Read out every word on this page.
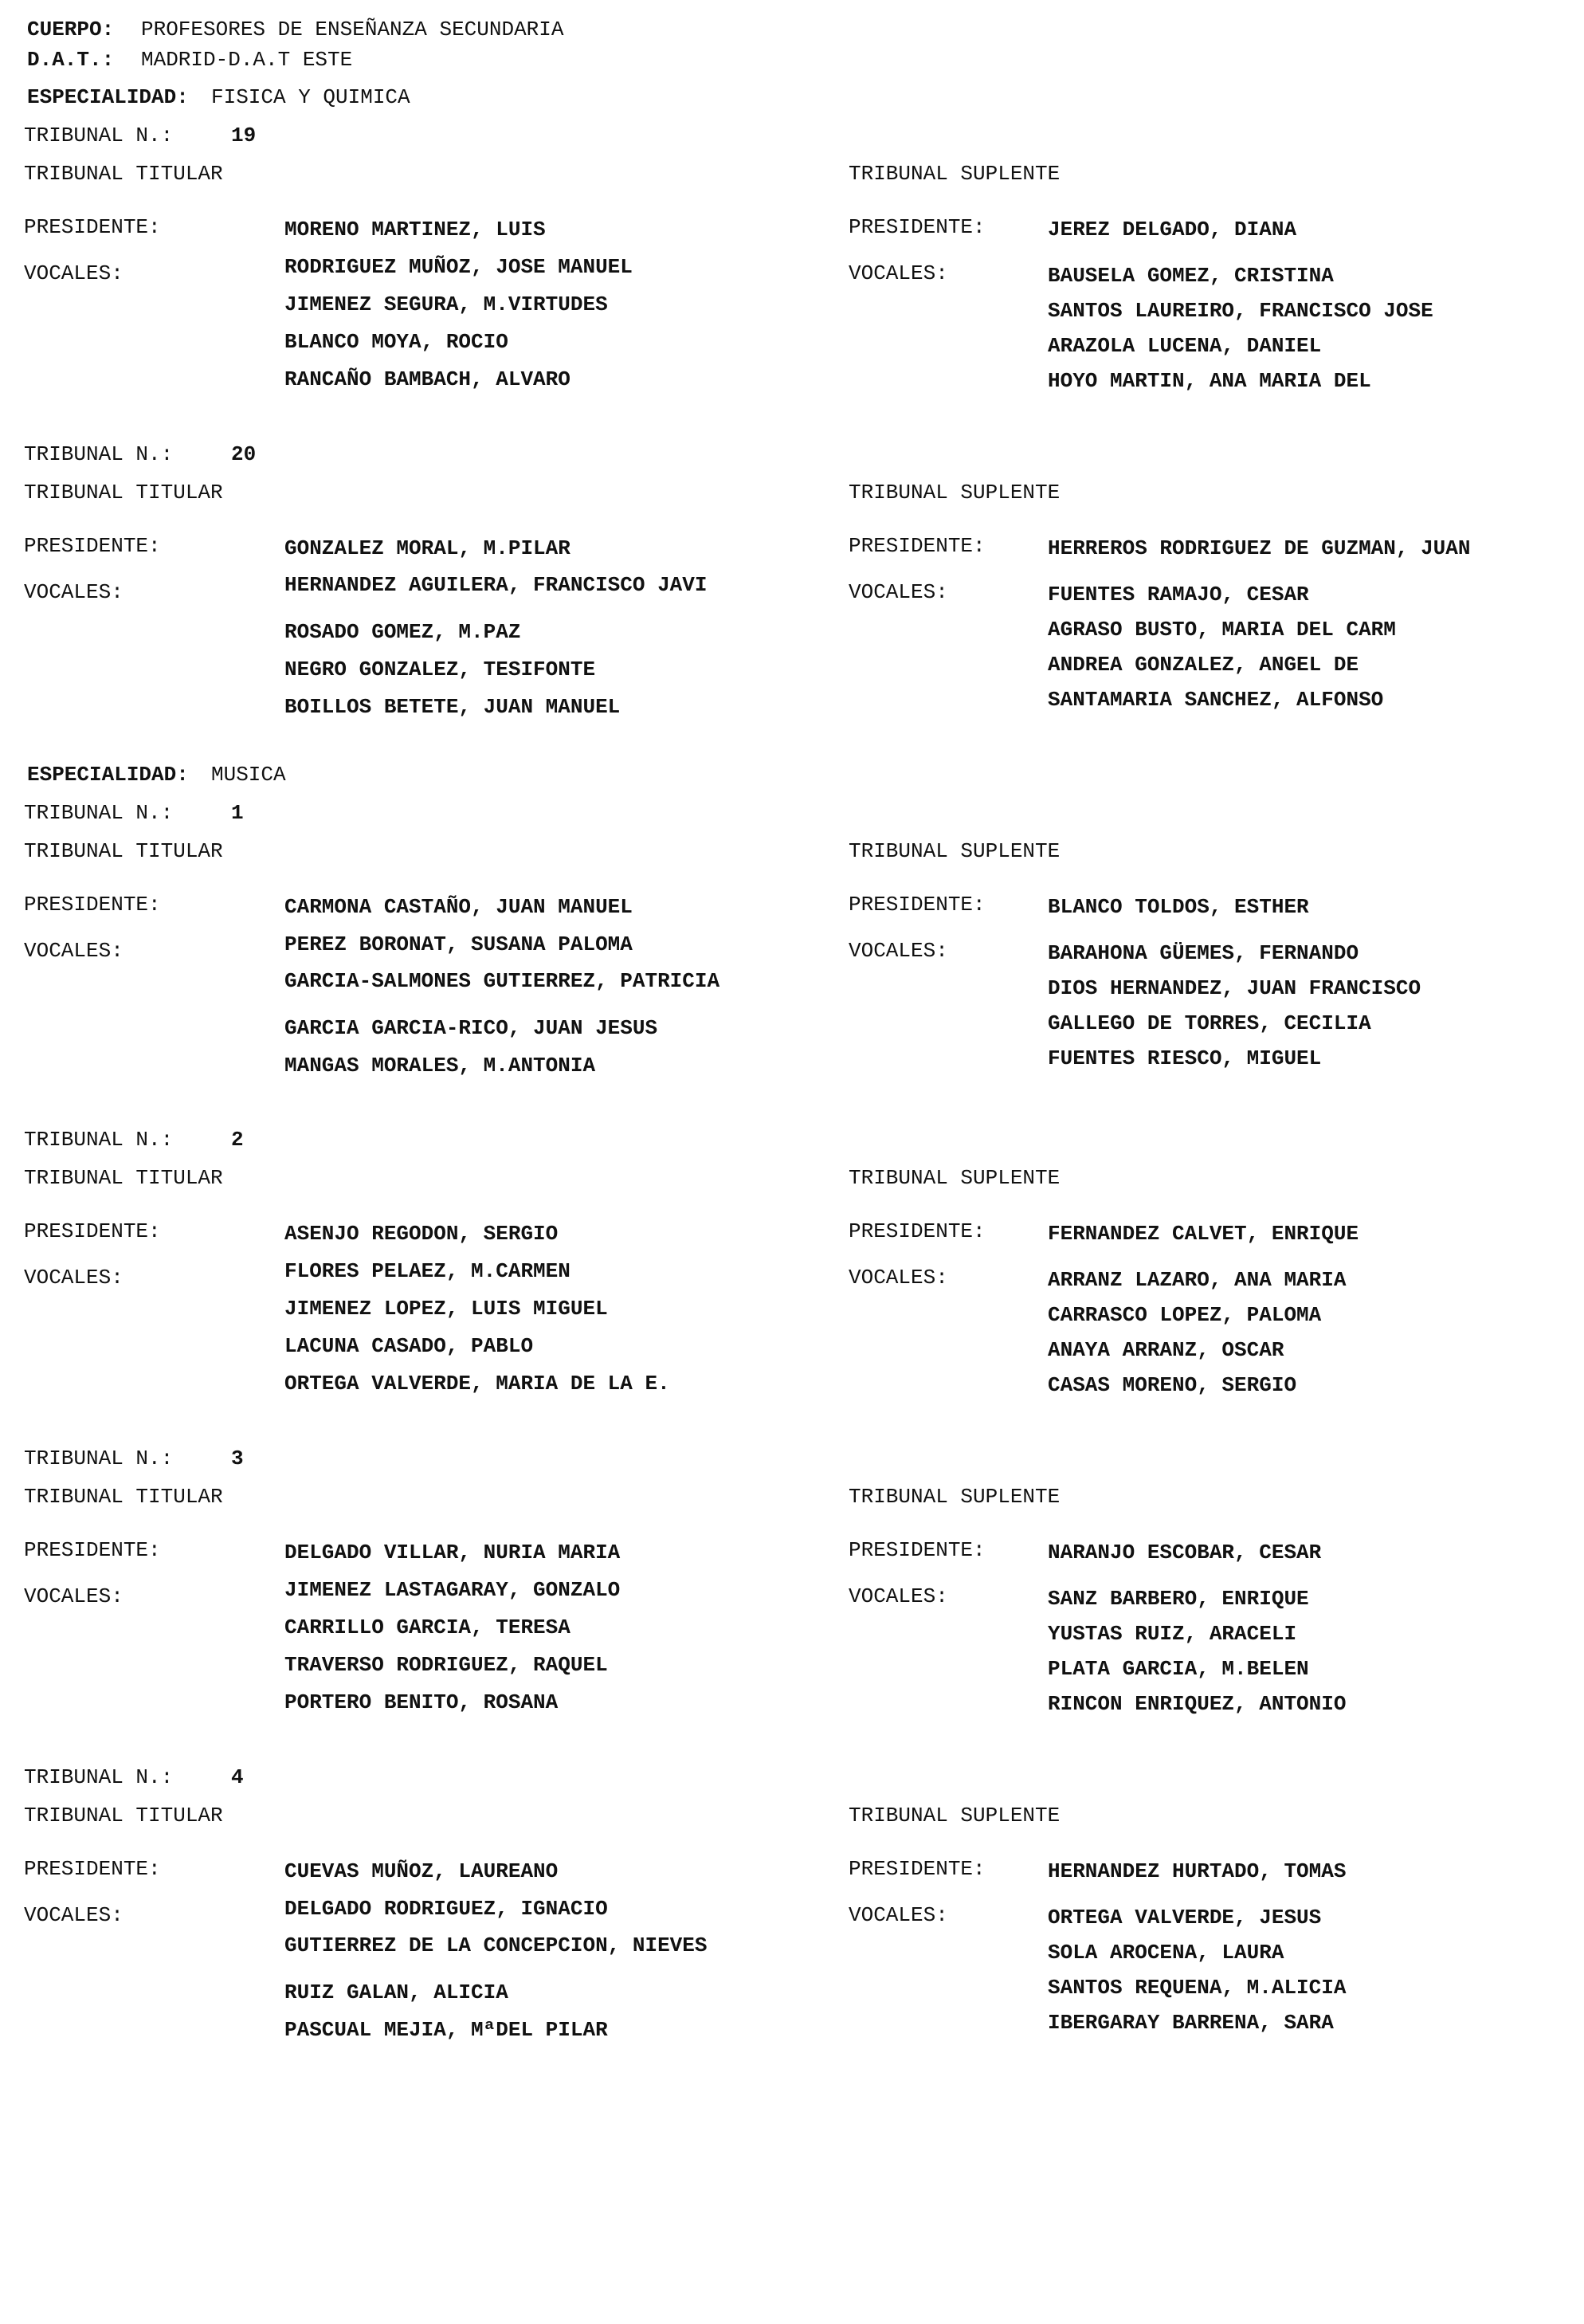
CUERPO: PROFESORES DE ENSEÑANZA SECUNDARIA
D.A.T.: MADRID-D.A.T ESTE
ESPECIALIDAD: FISICA Y QUIMICA
TRIBUNAL N.:	19
TRIBUNAL TITULAR	TRIBUNAL SUPLENTE
PRESIDENTE:	MORENO MARTINEZ, LUIS
VOCALES:	RODRIGUEZ MUÑOZ, JOSE MANUEL
JIMENEZ SEGURA, M.VIRTUDES
BLANCO MOYA, ROCIO
RANCAÑO BAMBACH, ALVARO
PRESIDENTE:	JEREZ DELGADO, DIANA
VOCALES:	BAUSELA GOMEZ, CRISTINA
SANTOS LAUREIRO, FRANCISCO JOSE
ARAZOLA LUCENA, DANIEL
HOYO MARTIN, ANA MARIA DEL
TRIBUNAL N.:	20
TRIBUNAL TITULAR	TRIBUNAL SUPLENTE
PRESIDENTE:	GONZALEZ MORAL, M.PILAR
VOCALES:	HERNANDEZ AGUILERA, FRANCISCO JAVI
ROSADO GOMEZ, M.PAZ
NEGRO GONZALEZ, TESIFONTE
BOILLOS BETETE, JUAN MANUEL
PRESIDENTE:	HERREROS RODRIGUEZ DE GUZMAN, JUAN
VOCALES:	FUENTES RAMAJO, CESAR
AGRASO BUSTO, MARIA DEL CARM
ANDREA GONZALEZ, ANGEL DE
SANTAMARIA SANCHEZ, ALFONSO
ESPECIALIDAD: MUSICA
TRIBUNAL N.:	1
TRIBUNAL TITULAR	TRIBUNAL SUPLENTE
PRESIDENTE:	CARMONA CASTAÑO, JUAN MANUEL
VOCALES:	PEREZ BORONAT, SUSANA PALOMA
GARCIA-SALMONES GUTIERREZ, PATRICIA
GARCIA GARCIA-RICO, JUAN JESUS
MANGAS MORALES, M.ANTONIA
PRESIDENTE:	BLANCO TOLDOS, ESTHER
VOCALES:	BARAHONA GÜEMES, FERNANDO
DIOS HERNANDEZ, JUAN FRANCISCO
GALLEGO DE TORRES, CECILIA
FUENTES RIESCO, MIGUEL
TRIBUNAL N.:	2
TRIBUNAL TITULAR	TRIBUNAL SUPLENTE
PRESIDENTE:	ASENJO REGODON, SERGIO
VOCALES:	FLORES PELAEZ, M.CARMEN
JIMENEZ LOPEZ, LUIS MIGUEL
LACUNA CASADO, PABLO
ORTEGA VALVERDE, MARIA DE LA E.
PRESIDENTE:	FERNANDEZ CALVET, ENRIQUE
VOCALES:	ARRANZ LAZARO, ANA MARIA
CARRASCO LOPEZ, PALOMA
ANAYA ARRANZ, OSCAR
CASAS MORENO, SERGIO
TRIBUNAL N.:	3
TRIBUNAL TITULAR	TRIBUNAL SUPLENTE
PRESIDENTE:	DELGADO VILLAR, NURIA MARIA
VOCALES:	JIMENEZ LASTAGARAY, GONZALO
CARRILLO GARCIA, TERESA
TRAVERSO RODRIGUEZ, RAQUEL
PORTERO BENITO, ROSANA
PRESIDENTE:	NARANJO ESCOBAR, CESAR
VOCALES:	SANZ BARBERO, ENRIQUE
YUSTAS RUIZ, ARACELI
PLATA GARCIA, M.BELEN
RINCON ENRIQUEZ, ANTONIO
TRIBUNAL N.:	4
TRIBUNAL TITULAR	TRIBUNAL SUPLENTE
PRESIDENTE:	CUEVAS MUÑOZ, LAUREANO
VOCALES:	DELGADO RODRIGUEZ, IGNACIO
GUTIERREZ DE LA CONCEPCION, NIEVES
RUIZ GALAN, ALICIA
PASCUAL MEJIA, MªDEL PILAR
PRESIDENTE:	HERNANDEZ HURTADO, TOMAS
VOCALES:	ORTEGA VALVERDE, JESUS
SOLA AROCENA, LAURA
SANTOS REQUENA, M.ALICIA
IBERGARAY BARRENA, SARA
